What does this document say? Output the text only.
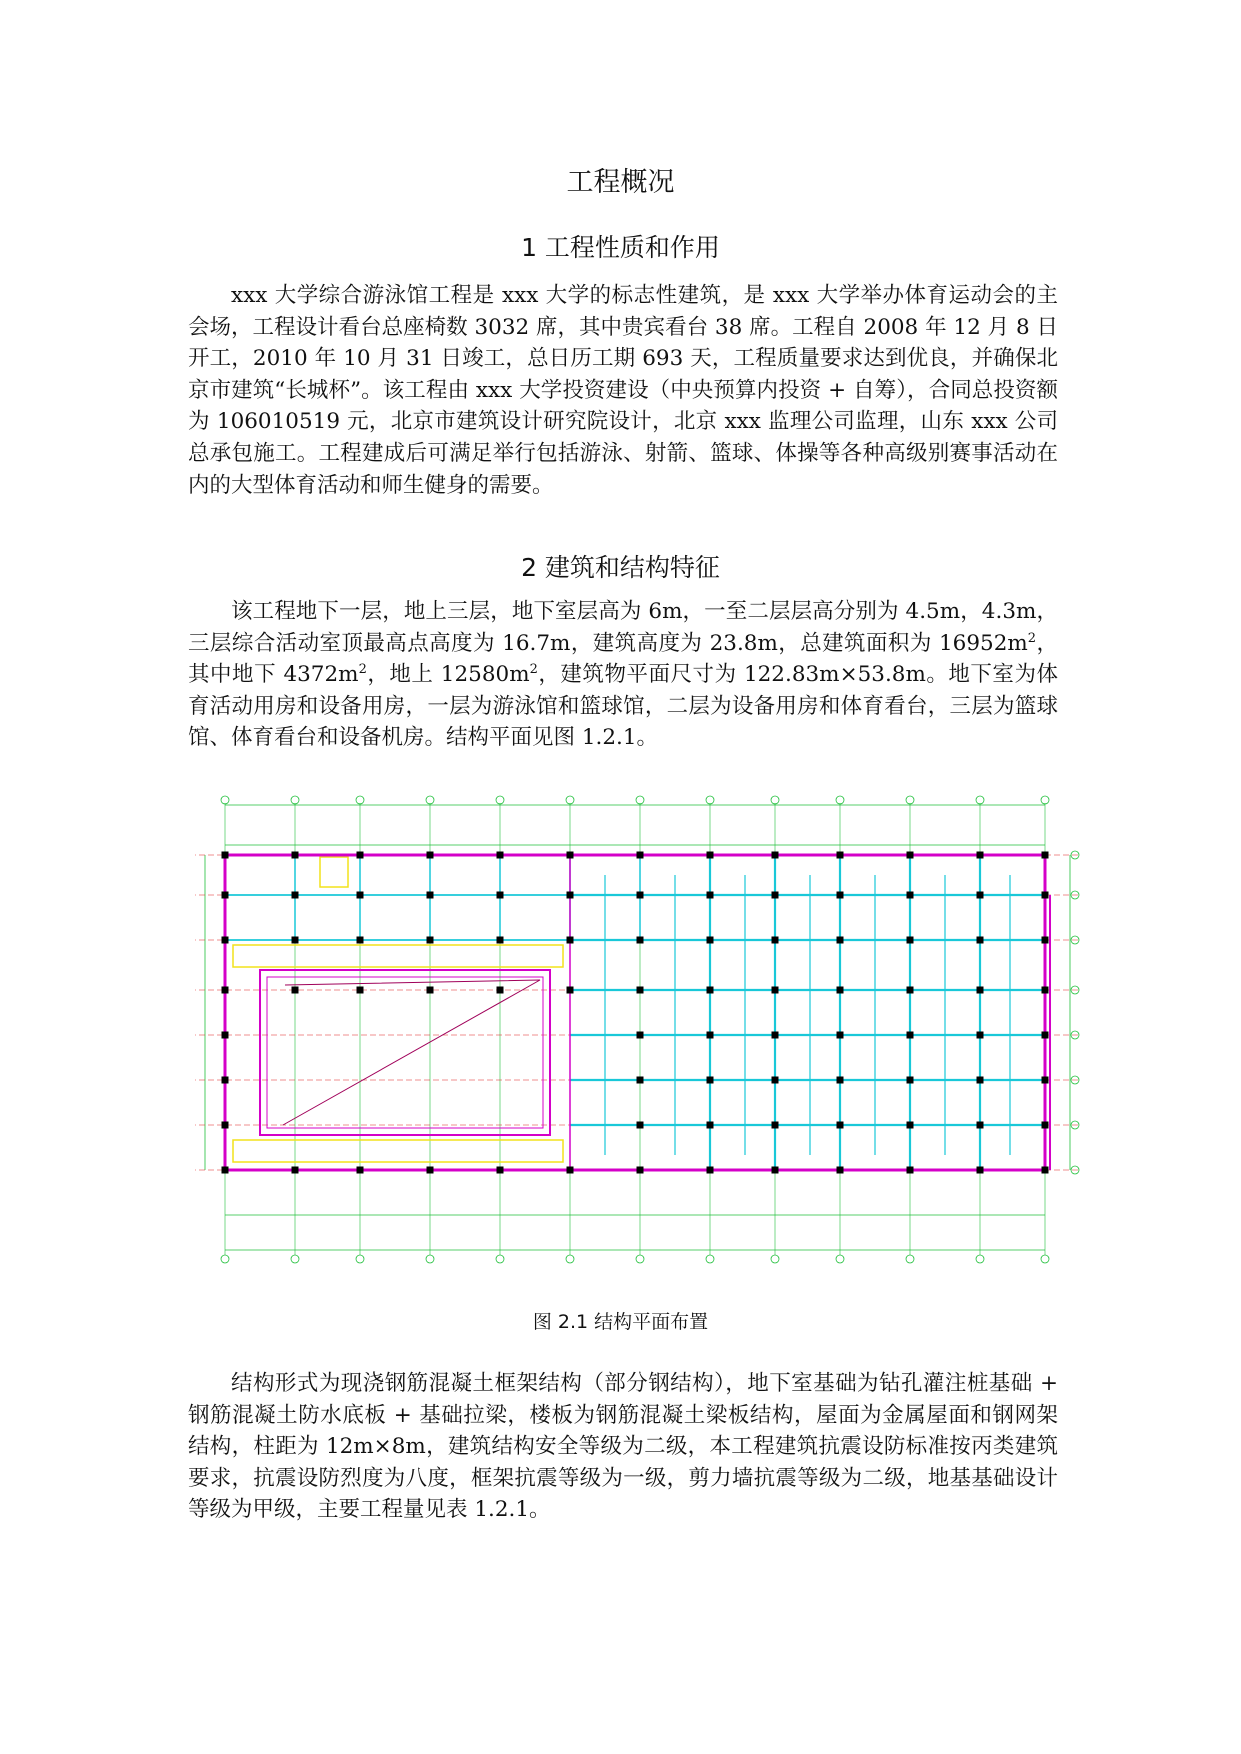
工程概况
1 工程性质和作用

xxx 大学综合游泳馆工程是 xxx 大学的标志性建筑，是 xxx 大学举办体育运动会的主会场，工程设计看台总座椅数 3032 席，其中贵宾看台 38 席。工程自 2008 年 12 月 8 日开工，2010 年 10 月 31 日竣工，总日历工期 693 天，工程质量要求达到优良，并确保北京市建筑“长城杯”。该工程由 xxx 大学投资建设（中央预算内投资 + 自筹），合同总投资额为 106010519 元，北京市建筑设计研究院设计，北京 xxx 监理公司监理，山东 xxx 公司总承包施工。工程建成后可满足举行包括游泳、射箭、篮球、体操等各种高级别赛事活动在内的大型体育活动和师生健身的需要。

2 建筑和结构特征

该工程地下一层，地上三层，地下室层高为 6m，一至二层层高分别为 4.5m，4.3m，三层综合活动室顶最高点高度为 16.7m，建筑高度为 23.8m，总建筑面积为 $16952m^2$，其中地下 $4372m^2$，地上 $12580m^2$，建筑物平面尺寸为 122.83m×53.8m。地下室为体育活动用房和设备用房，一层为游泳馆和篮球馆，二层为设备用房和体育看台，三层为篮球馆、体育看台和设备机房。结构平面见图 1.2.1。

图 2.1 结构平面布置

结构形式为现浇钢筋混凝土框架结构（部分钢结构），地下室基础为钻孔灌注桩基础 + 钢筋混凝土防水底板 + 基础拉梁，楼板为钢筋混凝土梁板结构，屋面为金属屋面和钢网架结构，柱距为 12m×8m，建筑结构安全等级为二级，本工程建筑抗震设防标准按丙类建筑要求，抗震设防烈度为八度，框架抗震等级为一级，剪力墙抗震等级为二级，地基基础设计等级为甲级，主要工程量见表 1.2.1。
